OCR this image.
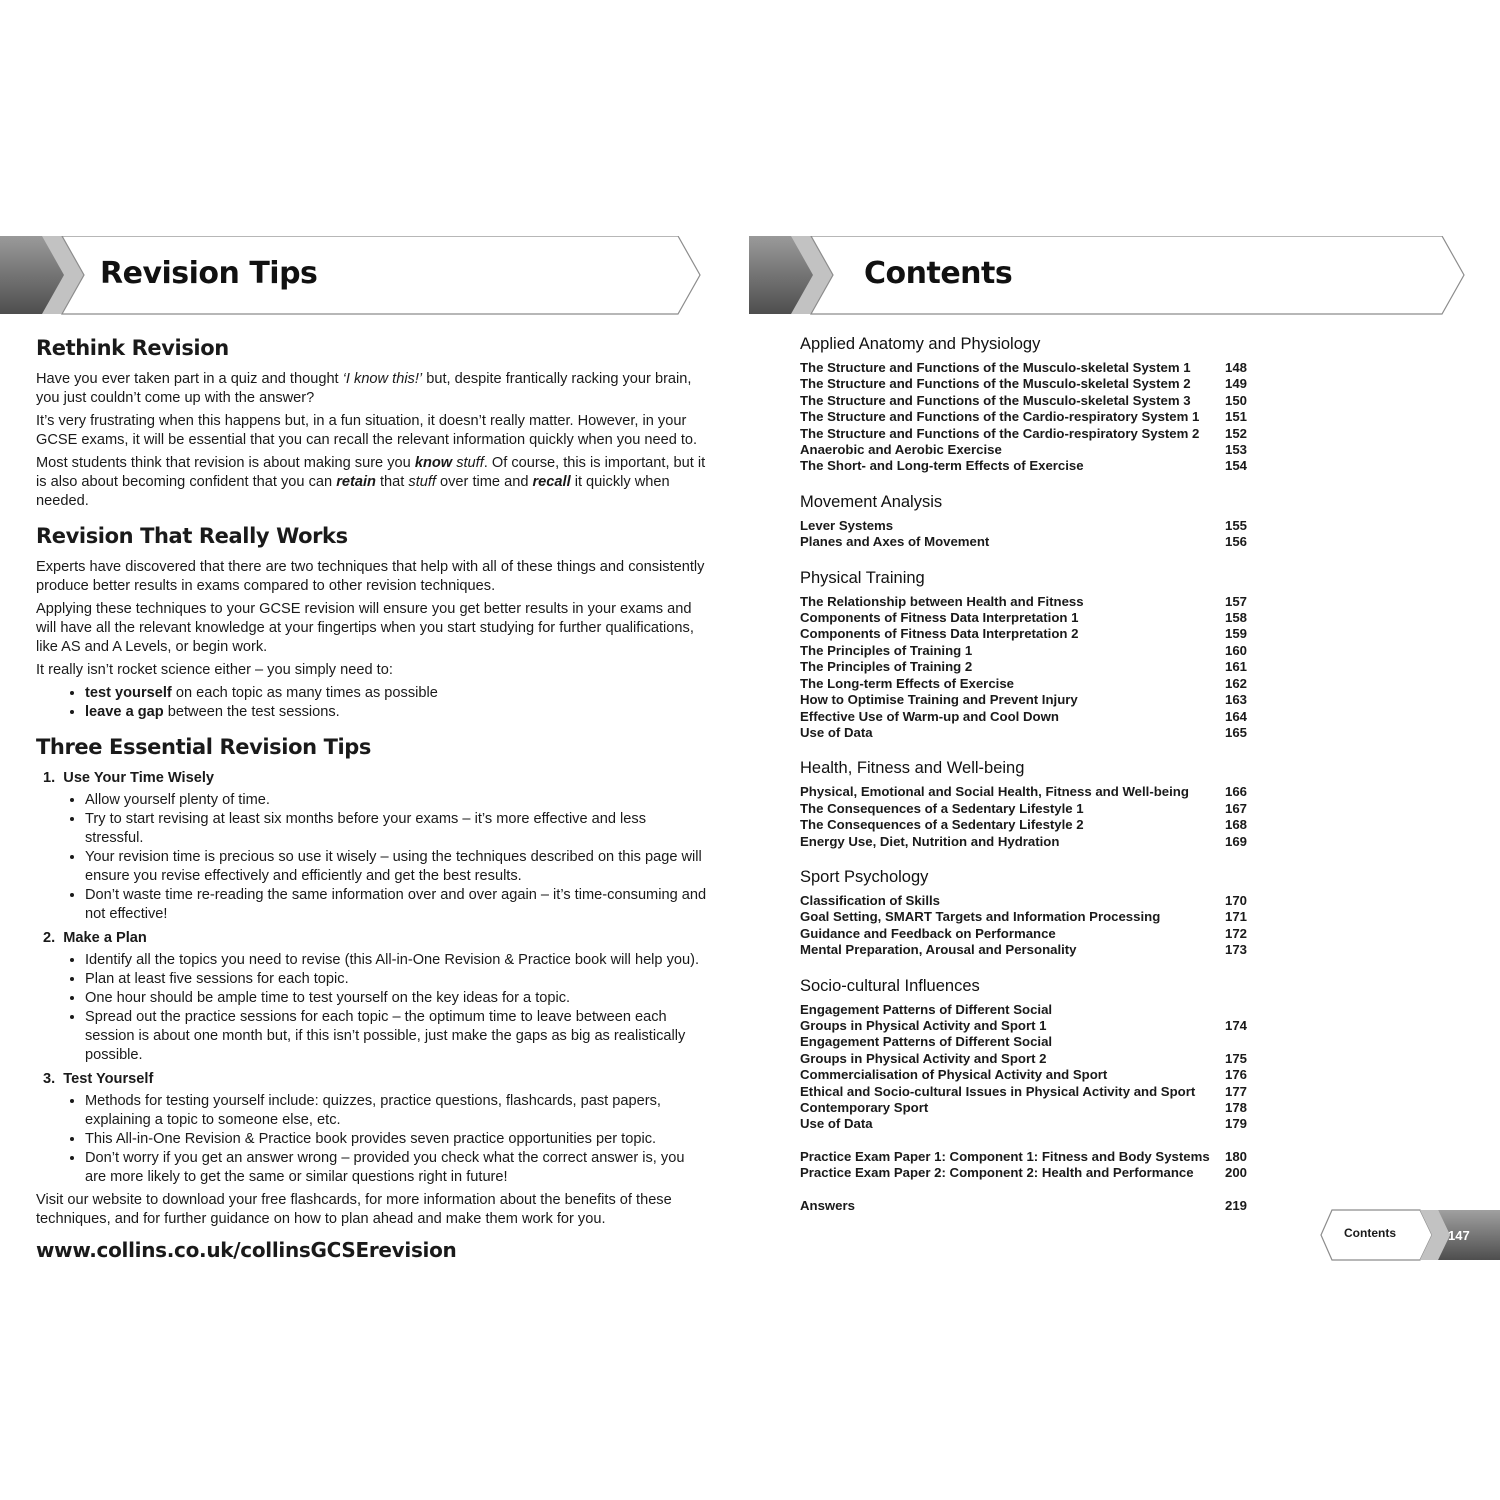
Revision Tips	Contents
Rethink Revision

Have you ever taken part in a quiz and thought ‘I know this!’ but, despite frantically racking your brain, you just couldn’t come up with the answer?

It’s very frustrating when this happens but, in a fun situation, it doesn’t really matter. However, in your GCSE exams, it will be essential that you can recall the relevant information quickly when you need to.

Most students think that revision is about making sure you know stuff. Of course, this is important, but it is also about becoming confident that you can retain that stuff over time and recall it quickly when needed.

Revision That Really Works

Experts have discovered that there are two techniques that help with all of these things and consistently produce better results in exams compared to other revision techniques.

Applying these techniques to your GCSE revision will ensure you get better results in your exams and will have all the relevant knowledge at your fingertips when you start studying for further qualifications, like AS and A Levels, or begin work.

It really isn’t rocket science either – you simply need to:

• test yourself on each topic as many times as possible
• leave a gap between the test sessions.
Three Essential Revision Tips
1.  Use Your Time Wisely
• Allow yourself plenty of time.
• Try to start revising at least six months before your exams – it’s more effective and less stressful.
• Your revision time is precious so use it wisely – using the techniques described on this page will ensure you revise effectively and efficiently and get the best results.
• Don’t waste time re-reading the same information over and over again – it’s time-consuming and not effective!
2.  Make a Plan
• Identify all the topics you need to revise (this All-in-One Revision & Practice book will help you).
• Plan at least five sessions for each topic.
• One hour should be ample time to test yourself on the key ideas for a topic.
• Spread out the practice sessions for each topic – the optimum time to leave between each session is about one month but, if this isn’t possible, just make the gaps as big as realistically possible.
3.  Test Yourself
• Methods for testing yourself include: quizzes, practice questions, flashcards, past papers, explaining a topic to someone else, etc.
• This All-in-One Revision & Practice book provides seven practice opportunities per topic.
• Don’t worry if you get an answer wrong – provided you check what the correct answer is, you are more likely to get the same or similar questions right in future!

Visit our website to download your free flashcards, for more information about the benefits of these techniques, and for further guidance on how to plan ahead and make them work for you.

www.collins.co.uk/collinsGCSErevision
Applied Anatomy and Physiology
The Structure and Functions of the Musculo-skeletal System 1	148
The Structure and Functions of the Musculo-skeletal System 2	149
The Structure and Functions of the Musculo-skeletal System 3	150
The Structure and Functions of the Cardio-respiratory System 1	151
The Structure and Functions of the Cardio-respiratory System 2	152
Anaerobic and Aerobic Exercise	153
The Short- and Long-term Effects of Exercise	154
Movement Analysis
Lever Systems	155
Planes and Axes of Movement	156
Physical Training
The Relationship between Health and Fitness	157
Components of Fitness Data Interpretation 1	158
Components of Fitness Data Interpretation 2	159
The Principles of Training 1	160
The Principles of Training 2	161
The Long-term Effects of Exercise	162
How to Optimise Training and Prevent Injury	163
Effective Use of Warm-up and Cool Down	164
Use of Data	165
Health, Fitness and Well-being
Physical, Emotional and Social Health, Fitness and Well-being	166
The Consequences of a Sedentary Lifestyle 1	167
The Consequences of a Sedentary Lifestyle 2	168
Energy Use, Diet, Nutrition and Hydration	169
Sport Psychology
Classification of Skills	170
Goal Setting, SMART Targets and Information Processing	171
Guidance and Feedback on Performance	172
Mental Preparation, Arousal and Personality	173
Socio-cultural Influences
Engagement Patterns of Different Social
Groups in Physical Activity and Sport 1	174
Engagement Patterns of Different Social
Groups in Physical Activity and Sport 2	175
Commercialisation of Physical Activity and Sport	176
Ethical and Socio-cultural Issues in Physical Activity and Sport	177
Contemporary Sport	178
Use of Data	179
Practice Exam Paper 1: Component 1: Fitness and Body Systems	180
Practice Exam Paper 2: Component 2: Health and Performance	200
Answers	219
Contents	147
